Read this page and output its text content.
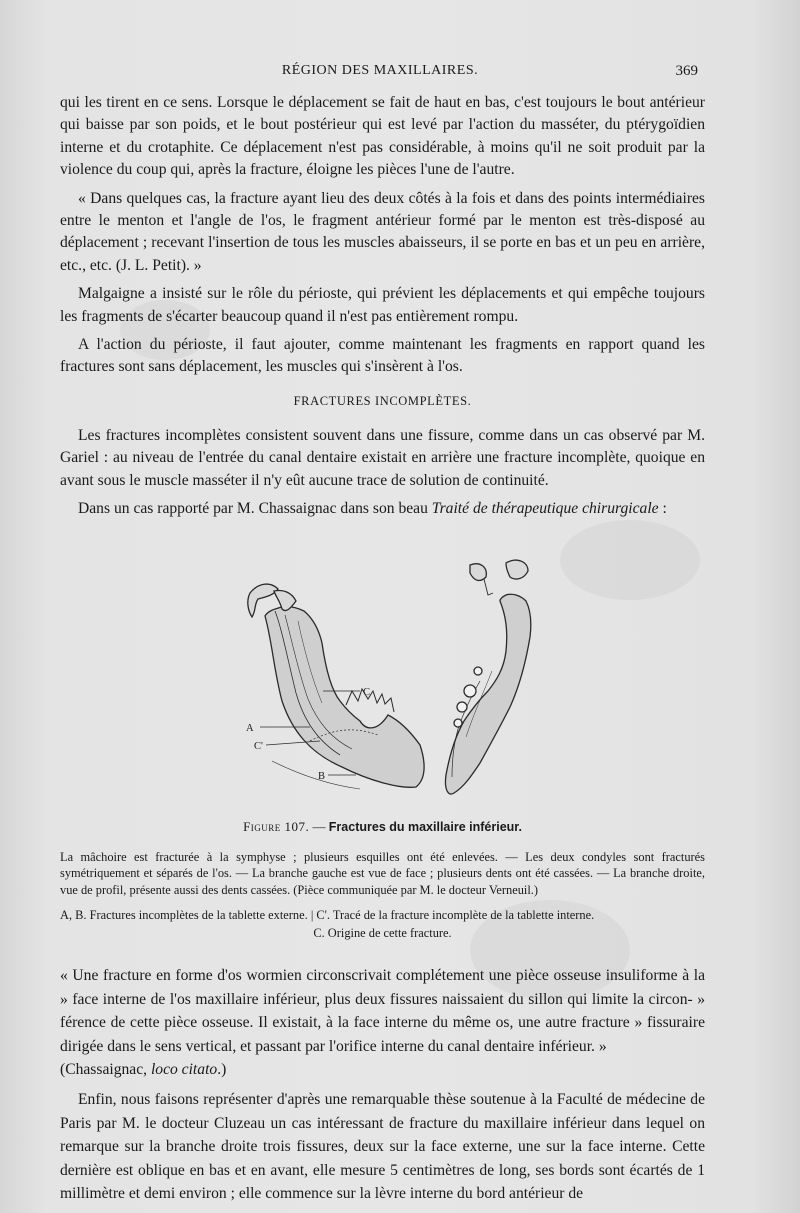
RÉGION DES MAXILLAIRES.	369

qui les tirent en ce sens. Lorsque le déplacement se fait de haut en bas, c'est toujours le bout antérieur qui baisse par son poids, et le bout postérieur qui est levé par l'action du masséter, du ptérygoïdien interne et du crotaphite. Ce déplacement n'est pas considérable, à moins qu'il ne soit produit par la violence du coup qui, après la fracture, éloigne les pièces l'une de l'autre.

« Dans quelques cas, la fracture ayant lieu des deux côtés à la fois et dans des points intermédiaires entre le menton et l'angle de l'os, le fragment antérieur formé par le menton est très-disposé au déplacement ; recevant l'insertion de tous les muscles abaisseurs, il se porte en bas et un peu en arrière, etc., etc. (J. L. Petit). »

Malgaigne a insisté sur le rôle du périoste, qui prévient les déplacements et qui empêche toujours les fragments de s'écarter beaucoup quand il n'est pas entièrement rompu.

A l'action du périoste, il faut ajouter, comme maintenant les fragments en rapport quand les fractures sont sans déplacement, les muscles qui s'insèrent à l'os.

FRACTURES INCOMPLÈTES.

Les fractures incomplètes consistent souvent dans une fissure, comme dans un cas observé par M. Gariel : au niveau de l'entrée du canal dentaire existait en arrière une fracture incomplète, quoique en avant sous le muscle masséter il n'y eût aucune trace de solution de continuité.

Dans un cas rapporté par M. Chassaignac dans son beau Traité de thérapeutique chirurgicale :

C
A
C'
B
Figure 107. — Fractures du maxillaire inférieur.

La mâchoire est fracturée à la symphyse ; plusieurs esquilles ont été enlevées. — Les deux condyles sont fracturés symétriquement et séparés de l'os. — La branche gauche est vue de face ; plusieurs dents ont été cassées. — La branche droite, vue de profil, présente aussi des dents cassées. (Pièce communiquée par M. le docteur Verneuil.)

A, B. Fractures incomplètes de la tablette externe. | C'. Tracé de la fracture incomplète de la tablette interne.
C. Origine de cette fracture.

« Une fracture en forme d'os wormien circonscrivait complétement une pièce osseuse insuliforme à la » face interne de l'os maxillaire inférieur, plus deux fissures naissaient du sillon qui limite la circon- » férence de cette pièce osseuse. Il existait, à la face interne du même os, une autre fracture » fissuraire dirigée dans le sens vertical, et passant par l'orifice interne du canal dentaire inférieur. »

(Chassaignac, loco citato.)

Enfin, nous faisons représenter d'après une remarquable thèse soutenue à la Faculté de médecine de Paris par M. le docteur Cluzeau un cas intéressant de fracture du maxillaire inférieur dans lequel on remarque sur la branche droite trois fissures, deux sur la face externe, une sur la face interne. Cette dernière est oblique en bas et en avant, elle mesure 5 centimètres de long, ses bords sont écartés de 1 millimètre et demi environ ; elle commence sur la lèvre interne du bord antérieur de
